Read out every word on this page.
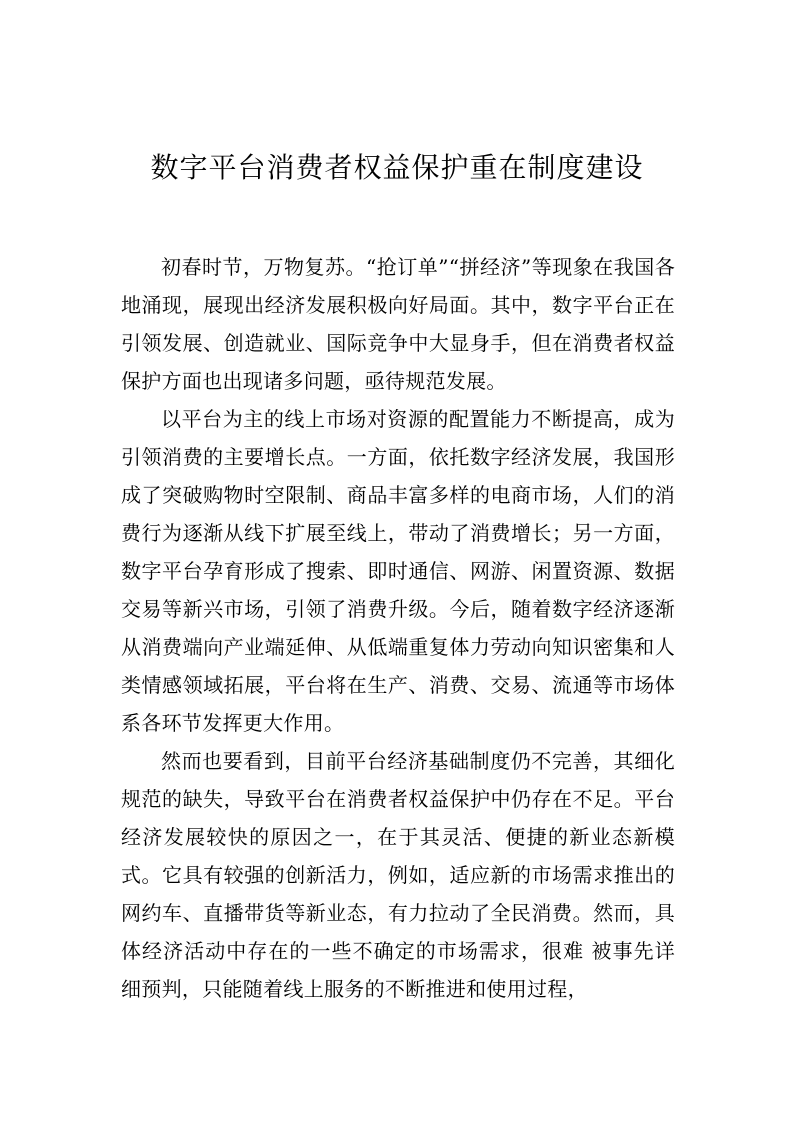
数字平台消费者权益保护重在制度建设

初春时节，万物复苏。“抢订单”“拼经济”等现象在我国各地涌现，展现出经济发展积极向好局面。其中，数字平台正在引领发展、创造就业、国际竞争中大显身手，但在消费者权益保护方面也出现诸多问题，亟待规范发展。

以平台为主的线上市场对资源的配置能力不断提高，成为引领消费的主要增长点。一方面，依托数字经济发展，我国形成了突破购物时空限制、商品丰富多样的电商市场，人们的消费行为逐渐从线下扩展至线上，带动了消费增长；另一方面，数字平台孕育形成了搜索、即时通信、网游、闲置资源、数据交易等新兴市场，引领了消费升级。今后，随着数字经济逐渐从消费端向产业端延伸、从低端重复体力劳动向知识密集和人类情感领域拓展，平台将在生产、消费、交易、流通等市场体系各环节发挥更大作用。

然而也要看到，目前平台经济基础制度仍不完善，其细化规范的缺失，导致平台在消费者权益保护中仍存在不足。平台经济发展较快的原因之一，在于其灵活、便捷的新业态新模式。它具有较强的创新活力，例如，适应新的市场需求推出的网约车、直播带货等新业态，有力拉动了全民消费。然而，具体经济活动中存在的一些不确定的市场需求，很难 被事先详细预判，只能随着线上服务的不断推进和使用过程，
